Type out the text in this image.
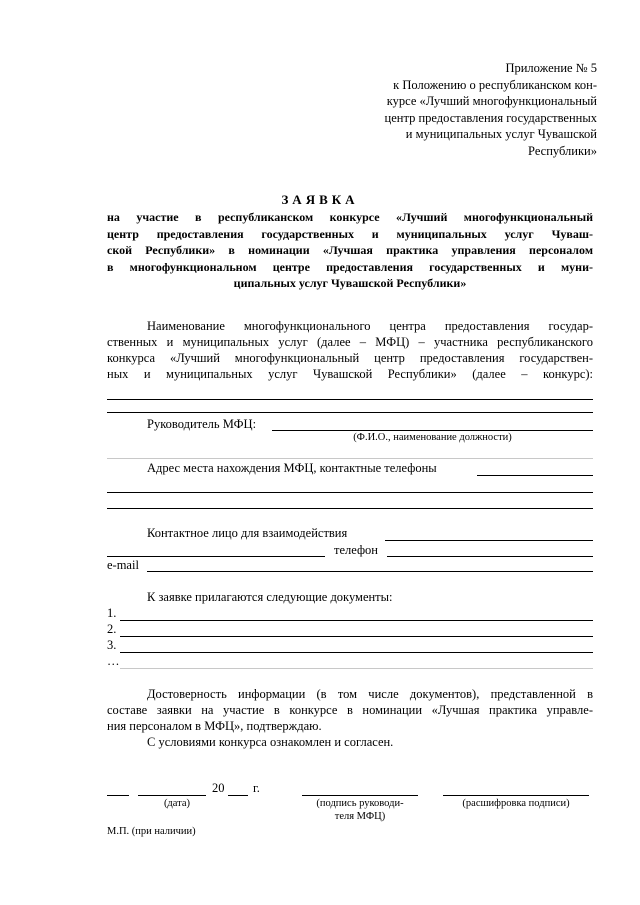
Приложение № 5
к Положению о республиканском кон-
курсе «Лучший многофункциональный
центр предоставления государственных
и муниципальных услуг Чувашской
Республики»
ЗАЯВКА
на участие в республиканском конкурсе «Лучший многофункциональный
центр предоставления государственных и муниципальных услуг Чуваш-
ской Республики» в номинации «Лучшая практика управления персоналом
в многофункциональном центре предоставления государственных и муни-
ципальных услуг Чувашской Республики»
Наименование многофункционального центра предоставления государ-
ственных и муниципальных услуг (далее – МФЦ) – участника республиканского
конкурса «Лучший многофункциональный центр предоставления государствен-
ных и муниципальных услуг Чувашской Республики» (далее – конкурс):
Руководитель МФЦ:
(Ф.И.О., наименование должности)
Адрес места нахождения МФЦ, контактные телефоны
Контактное лицо для взаимодействия
телефон
e-mail
К заявке прилагаются следующие документы:
1.
2.
3.
…
Достоверность информации (в том числе документов), представленной в
составе заявки на участие в конкурсе в номинации «Лучшая практика управле-
ния персоналом в МФЦ», подтверждаю.
С условиями конкурса ознакомлен и согласен.
20 г.
(дата)	(подпись руководи-
теля МФЦ)
(расшифровка подписи)
М.П. (при наличии)
